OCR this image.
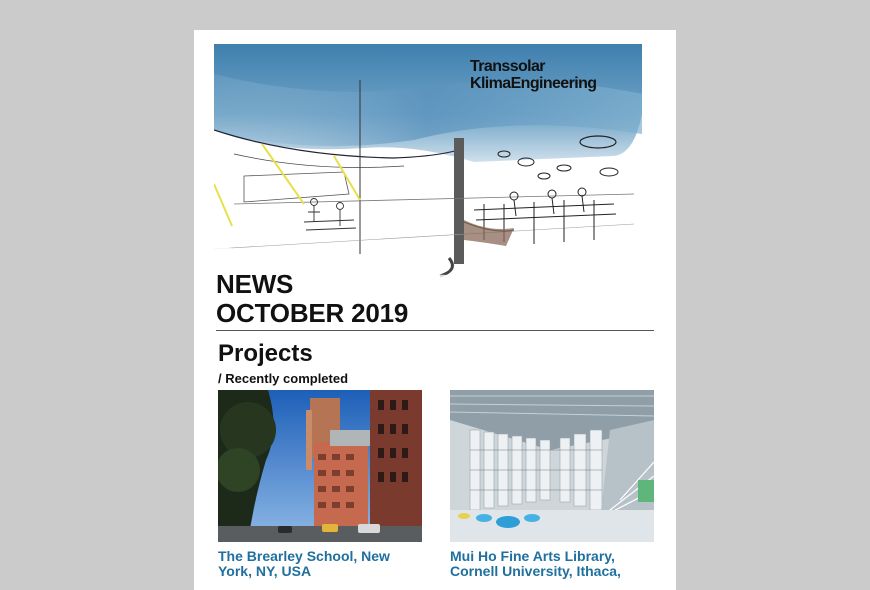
Transsolar
KlimaEngineering
NEWS
OCTOBER 2019
Projects
/ Recently completed
The Brearley School, New York, NY, USA
Mui Ho Fine Arts Library, Cornell University, Ithaca,
